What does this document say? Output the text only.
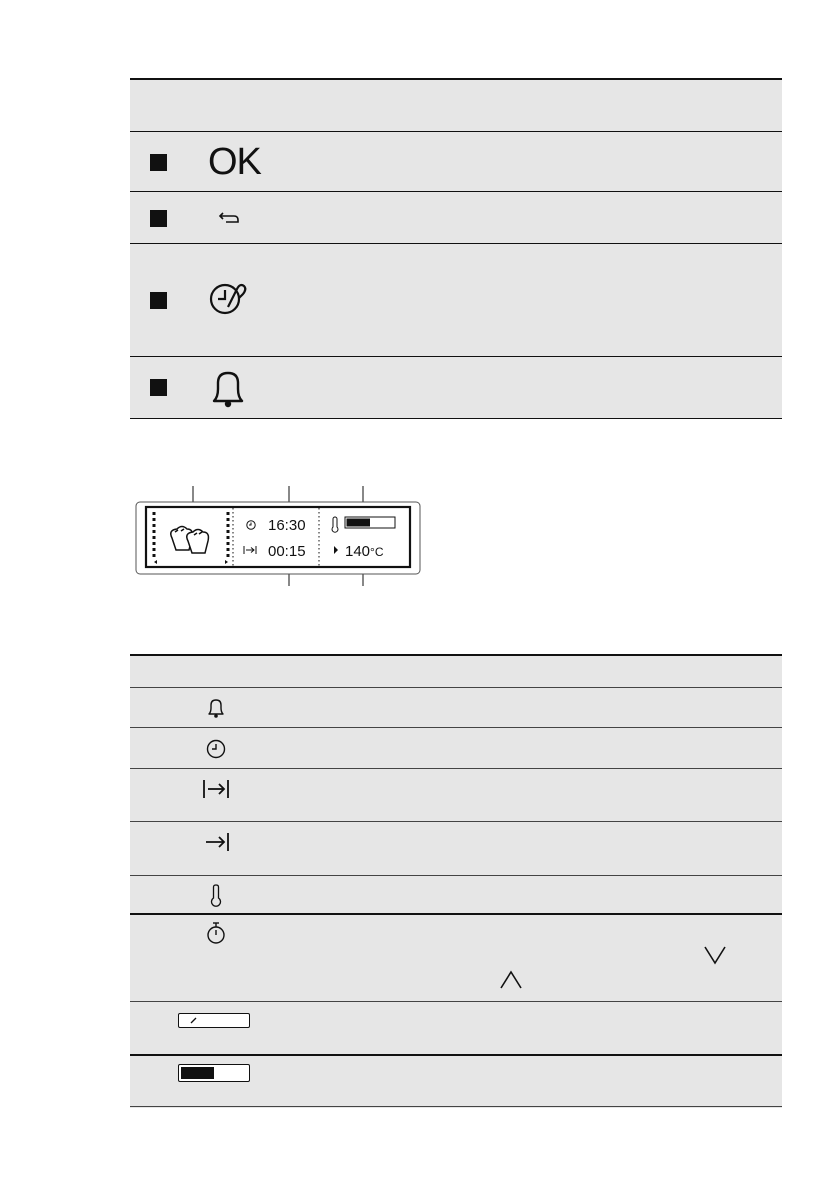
OK
16:30
00:15	140°C
